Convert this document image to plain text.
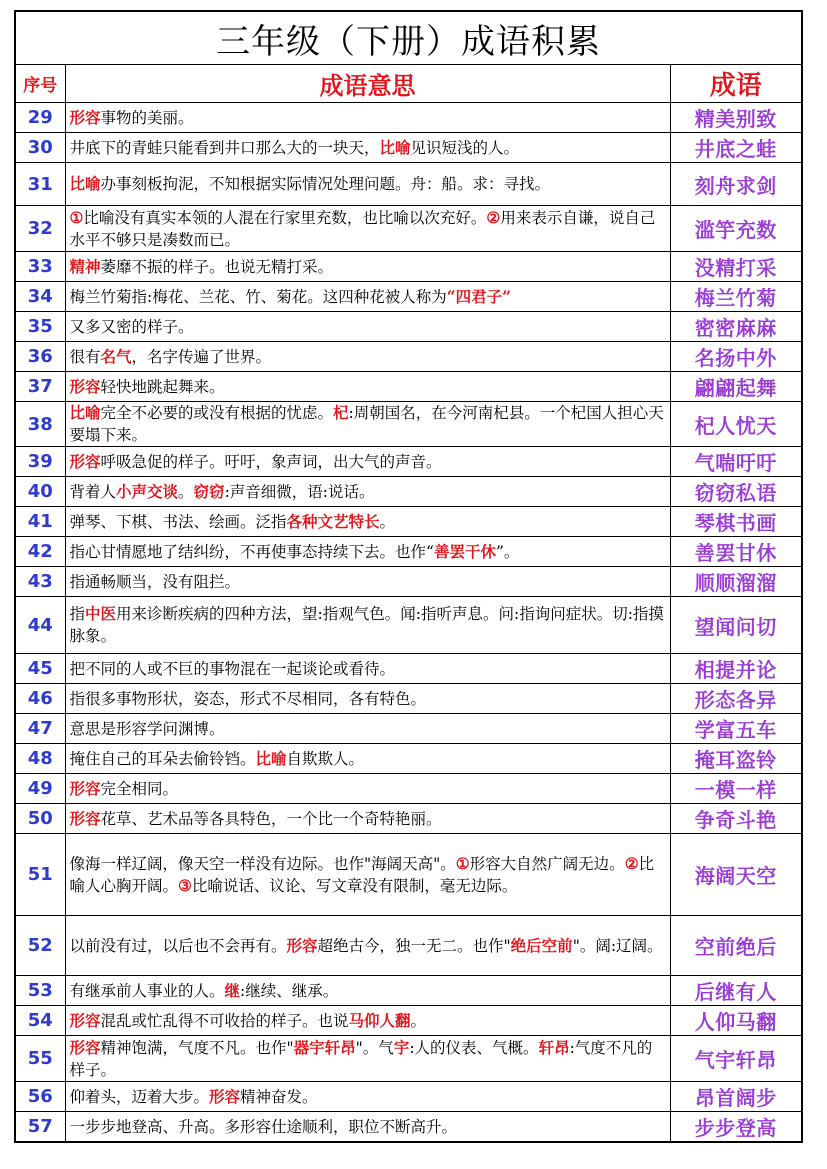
三年级（下册）成语积累		
序号	成语意思	成语
29	形容事物的美丽。	精美别致
30	井底下的青蛙只能看到井口那么大的一块天，比喻见识短浅的人。	井底之蛙
31	比喻办事刻板拘泥，不知根据实际情况处理问题。舟：船。求：寻找。	刻舟求剑
32	①比喻没有真实本领的人混在行家里充数，也比喻以次充好。②用来表示自谦，说自己水平不够只是凑数而已。	滥竽充数
33	精神萎靡不振的样子。也说无精打采。	没精打采
34	梅兰竹菊指:梅花、兰花、竹、菊花。这四种花被人称为“四君子”	梅兰竹菊
35	又多又密的样子。	密密麻麻
36	很有名气，名字传遍了世界。	名扬中外
37	形容轻快地跳起舞来。	翩翩起舞
38	比喻完全不必要的或没有根据的忧虑。杞:周朝国名，在今河南杞县。一个杞国人担心天要塌下来。	杞人忧天
39	形容呼吸急促的样子。吁吁，象声词，出大气的声音。	气喘吁吁
40	背着人小声交谈。窃窃:声音细微，语:说话。	窃窃私语
41	弹琴、下棋、书法、绘画。泛指各种文艺特长。	琴棋书画
42	指心甘情愿地了结纠纷，不再使事态持续下去。也作“善罢干休”。	善罢甘休
43	指通畅顺当，没有阻拦。	顺顺溜溜
44	指中医用来诊断疾病的四种方法，望:指观气色。闻:指听声息。问:指询问症状。切:指摸脉象。	望闻问切
45	把不同的人或不巨的事物混在一起谈论或看待。	相提并论
46	指很多事物形状，姿态，形式不尽相同，各有特色。	形态各异
47	意思是形容学问渊博。	学富五车
48	掩住自己的耳朵去偷铃铛。比喻自欺欺人。	掩耳盗铃
49	形容完全相同。	一模一样
50	形容花草、艺术品等各具特色，一个比一个奇特艳丽。	争奇斗艳
51	像海一样辽阔，像天空一样没有边际。也作"海阔天高"。①形容大自然广阔无边。②比喻人心胸开阔。③比喻说话、议论、写文章没有限制，毫无边际。	海阔天空
52	以前没有过，以后也不会再有。形容超绝古今，独一无二。也作"绝后空前"。阔:辽阔。	空前绝后
53	有继承前人事业的人。继:继续、继承。	后继有人
54	形容混乱或忙乱得不可收拾的样子。也说马仰人翻。	人仰马翻
55	形容精神饱满，气度不凡。也作"器宇轩昂"。气宇:人的仪表、气概。轩昂:气度不凡的样子。	气宇轩昂
56	仰着头，迈着大步。形容精神奋发。	昂首阔步
57	一步步地登高、升高。多形容仕途顺利，职位不断高升。	步步登高
